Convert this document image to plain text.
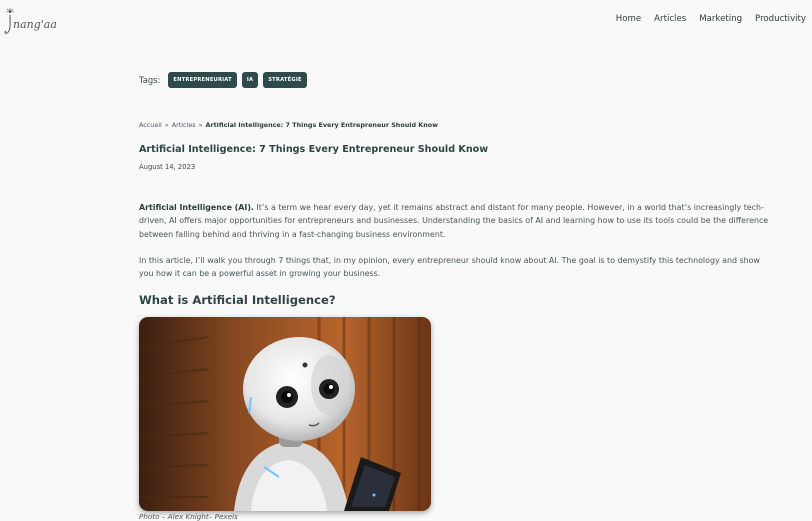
nang'aa	Home Articles Marketing Productivity
Tags:	ENTREPRENEURIAT	IA	STRATÉGIE
Accueil » Articles » Artificial Intelligence: 7 Things Every Entrepreneur Should Know
Artificial Intelligence: 7 Things Every Entrepreneur Should Know
August 14, 2023

Artificial Intelligence (AI). It’s a term we hear every day, yet it remains abstract and distant for many people. However, in a world that’s increasingly tech-driven, AI offers major opportunities for entrepreneurs and businesses. Understanding the basics of AI and learning how to use its tools could be the difference between falling behind and thriving in a fast-changing business environment.

In this article, I’ll walk you through 7 things that, in my opinion, every entrepreneur should know about AI. The goal is to demystify this technology and show you how it can be a powerful asset in growing your business.

What is Artificial Intelligence?
Photo – Alex Knight– Pexels
